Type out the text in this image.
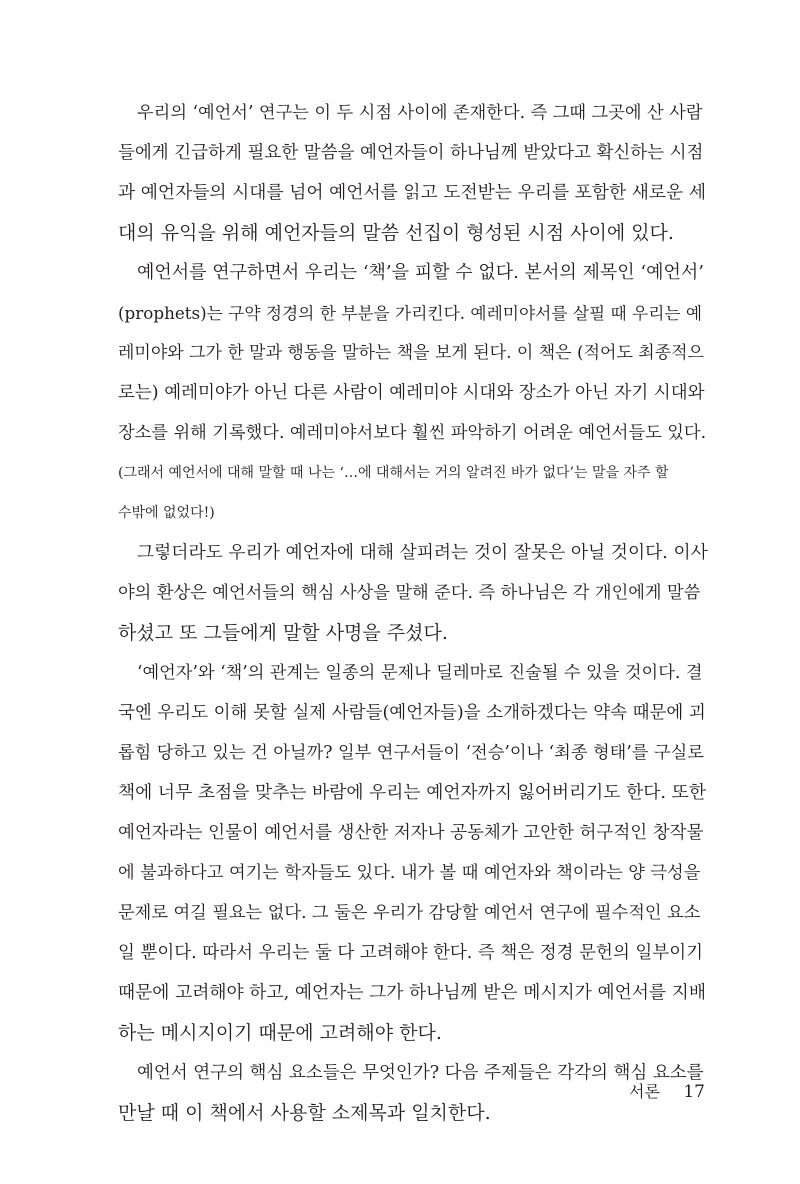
우리의 ‘예언서’ 연구는 이 두 시점 사이에 존재한다. 즉 그때 그곳에 산 사람
들에게 긴급하게 필요한 말씀을 예언자들이 하나님께 받았다고 확신하는 시점
과 예언자들의 시대를 넘어 예언서를 읽고 도전받는 우리를 포함한 새로운 세
대의 유익을 위해 예언자들의 말씀 선집이 형성된 시점 사이에 있다.
예언서를 연구하면서 우리는 ‘책’을 피할 수 없다. 본서의 제목인 ‘예언서’
(prophets)는 구약 정경의 한 부분을 가리킨다. 예레미야서를 살필 때 우리는 예
레미야와 그가 한 말과 행동을 말하는 책을 보게 된다. 이 책은 (적어도 최종적으
로는) 예레미야가 아닌 다른 사람이 예레미야 시대와 장소가 아닌 자기 시대와
장소를 위해 기록했다. 예레미야서보다 훨씬 파악하기 어려운 예언서들도 있다.
(그래서 예언서에 대해 말할 때 나는 ‘…에 대해서는 거의 알려진 바가 없다’는 말을 자주 할
수밖에 없었다!)
그렇더라도 우리가 예언자에 대해 살피려는 것이 잘못은 아닐 것이다. 이사
야의 환상은 예언서들의 핵심 사상을 말해 준다. 즉 하나님은 각 개인에게 말씀
하셨고 또 그들에게 말할 사명을 주셨다.
‘예언자’와 ‘책’의 관계는 일종의 문제나 딜레마로 진술될 수 있을 것이다. 결
국엔 우리도 이해 못할 실제 사람들(예언자들)을 소개하겠다는 약속 때문에 괴
롭힘 당하고 있는 건 아닐까? 일부 연구서들이 ‘전승’이나 ‘최종 형태’를 구실로
책에 너무 초점을 맞추는 바람에 우리는 예언자까지 잃어버리기도 한다. 또한
예언자라는 인물이 예언서를 생산한 저자나 공동체가 고안한 허구적인 창작물
에 불과하다고 여기는 학자들도 있다. 내가 볼 때 예언자와 책이라는 양 극성을
문제로 여길 필요는 없다. 그 둘은 우리가 감당할 예언서 연구에 필수적인 요소
일 뿐이다. 따라서 우리는 둘 다 고려해야 한다. 즉 책은 정경 문헌의 일부이기
때문에 고려해야 하고, 예언자는 그가 하나님께 받은 메시지가 예언서를 지배
하는 메시지이기 때문에 고려해야 한다.
예언서 연구의 핵심 요소들은 무엇인가? 다음 주제들은 각각의 핵심 요소를
만날 때 이 책에서 사용할 소제목과 일치한다.
서론 17
